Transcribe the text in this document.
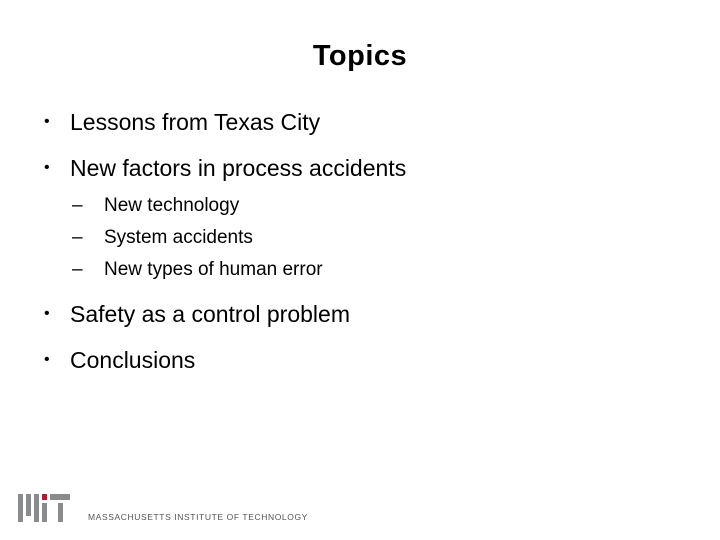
Topics
• Lessons from Texas City
• New factors in process accidents
– New technology
– System accidents
– New types of human error
• Safety as a control problem
• Conclusions
MASSACHUSETTS INSTITUTE OF TECHNOLOGY
